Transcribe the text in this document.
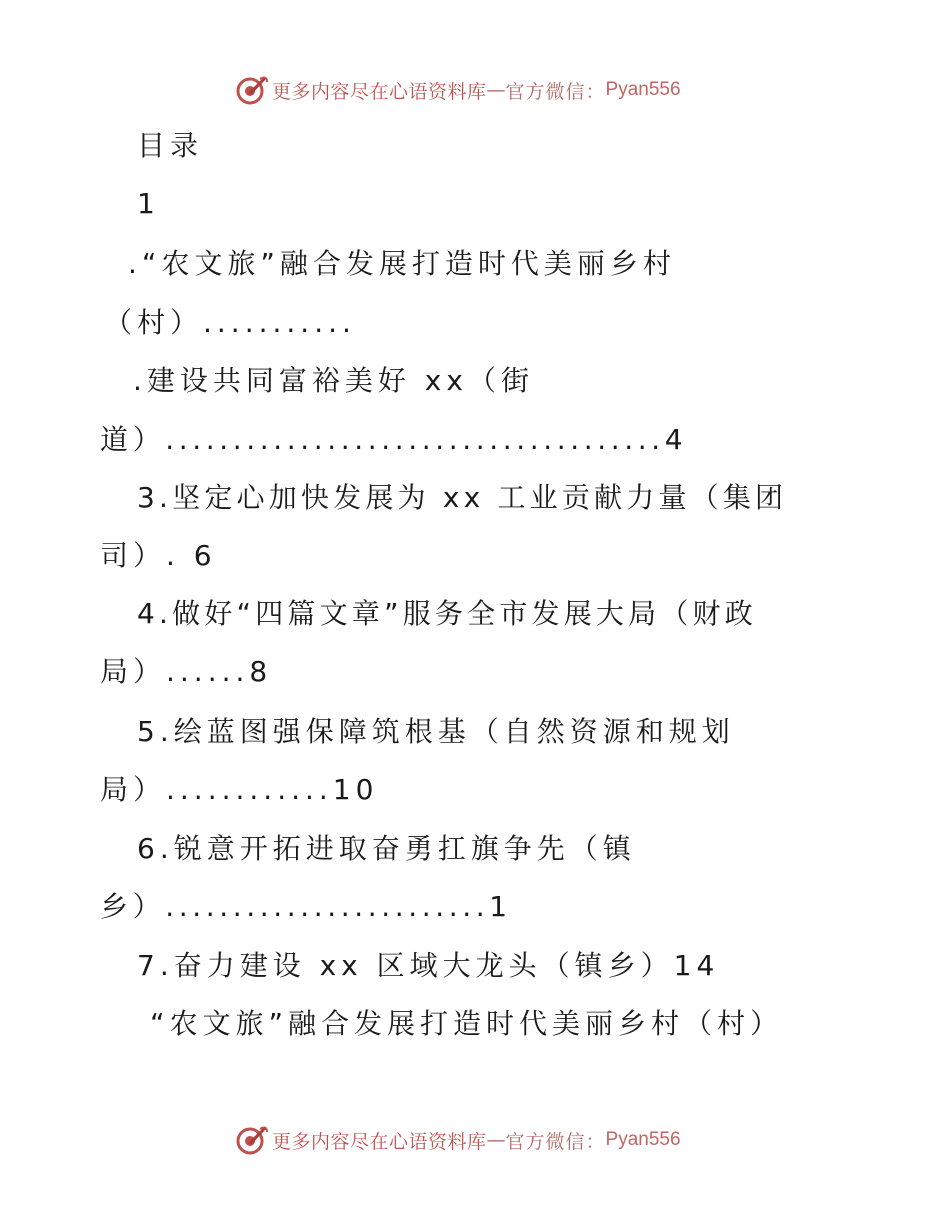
更多内容尽在心语资料库 — 官方微信： Pyan556
目录
1
.“农文旅”融合发展打造时代美丽乡村
（村）...........
.建设共同富裕美好 xx（街
道）.....................................4
3.坚定心加快发展为 xx 工业贡献力量（集团
司）. 6
4.做好“四篇文章”服务全市发展大局（财政
局）......8
5.绘蓝图强保障筑根基（自然资源和规划
局）............10
6.锐意开拓进取奋勇扛旗争先（镇
乡）........................1
7.奋力建设 xx 区域大龙头（镇乡）14
“农文旅”融合发展打造时代美丽乡村（村）
更多内容尽在心语资料库 — 官方微信： Pyan556
